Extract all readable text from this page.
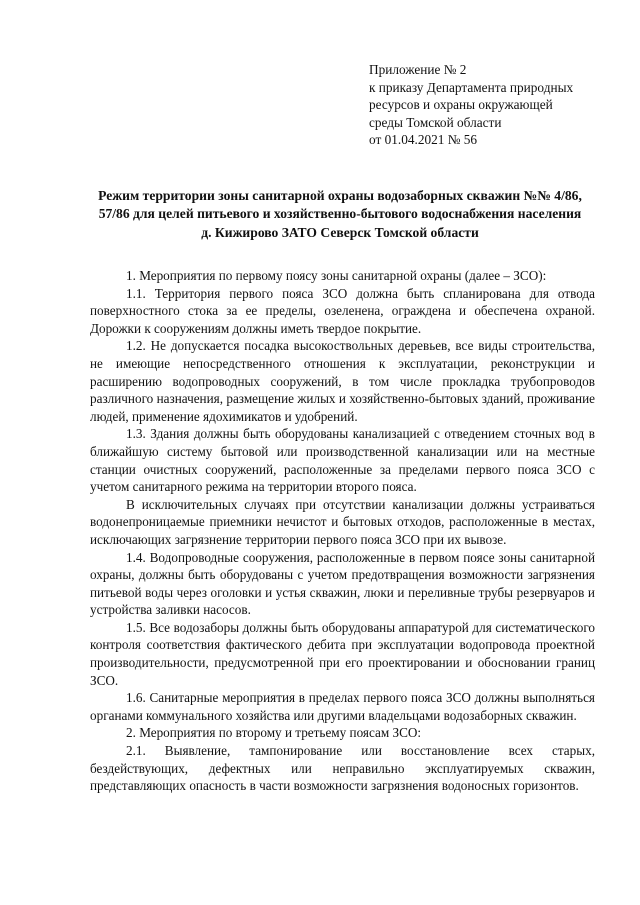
Приложение № 2
к приказу Департамента природных
ресурсов и охраны окружающей
среды Томской области
от 01.04.2021 № 56
Режим территории зоны санитарной охраны водозаборных скважин №№ 4/86,
57/86 для целей питьевого и хозяйственно-бытового водоснабжения населения
д. Кижирово ЗАТО Северск Томской области

1. Мероприятия по первому поясу зоны санитарной охраны (далее – ЗСО):

1.1. Территория первого пояса ЗСО должна быть спланирована для отвода поверхностного стока за ее пределы, озеленена, ограждена и обеспечена охраной. Дорожки к сооружениям должны иметь твердое покрытие.

1.2. Не допускается посадка высокоствольных деревьев, все виды строительства, не имеющие непосредственного отношения к эксплуатации, реконструкции и расширению водопроводных сооружений, в том числе прокладка трубопроводов различного назначения, размещение жилых и хозяйственно-бытовых зданий, проживание людей, применение ядохимикатов и удобрений.

1.3. Здания должны быть оборудованы канализацией с отведением сточных вод в ближайшую систему бытовой или производственной канализации или на местные станции очистных сооружений, расположенные за пределами первого пояса ЗСО с учетом санитарного режима на территории второго пояса.

В исключительных случаях при отсутствии канализации должны устраиваться водонепроницаемые приемники нечистот и бытовых отходов, расположенные в местах, исключающих загрязнение территории первого пояса ЗСО при их вывозе.

1.4. Водопроводные сооружения, расположенные в первом поясе зоны санитарной охраны, должны быть оборудованы с учетом предотвращения возможности загрязнения питьевой воды через оголовки и устья скважин, люки и переливные трубы резервуаров и устройства заливки насосов.

1.5. Все водозаборы должны быть оборудованы аппаратурой для систематического контроля соответствия фактического дебита при эксплуатации водопровода проектной производительности, предусмотренной при его проектировании и обосновании границ ЗСО.

1.6. Санитарные мероприятия в пределах первого пояса ЗСО должны выполняться органами коммунального хозяйства или другими владельцами водозаборных скважин.

2. Мероприятия по второму и третьему поясам ЗСО:

2.1. Выявление, тампонирование или восстановление всех старых, бездействующих, дефектных или неправильно эксплуатируемых скважин, представляющих опасность в части возможности загрязнения водоносных горизонтов.
